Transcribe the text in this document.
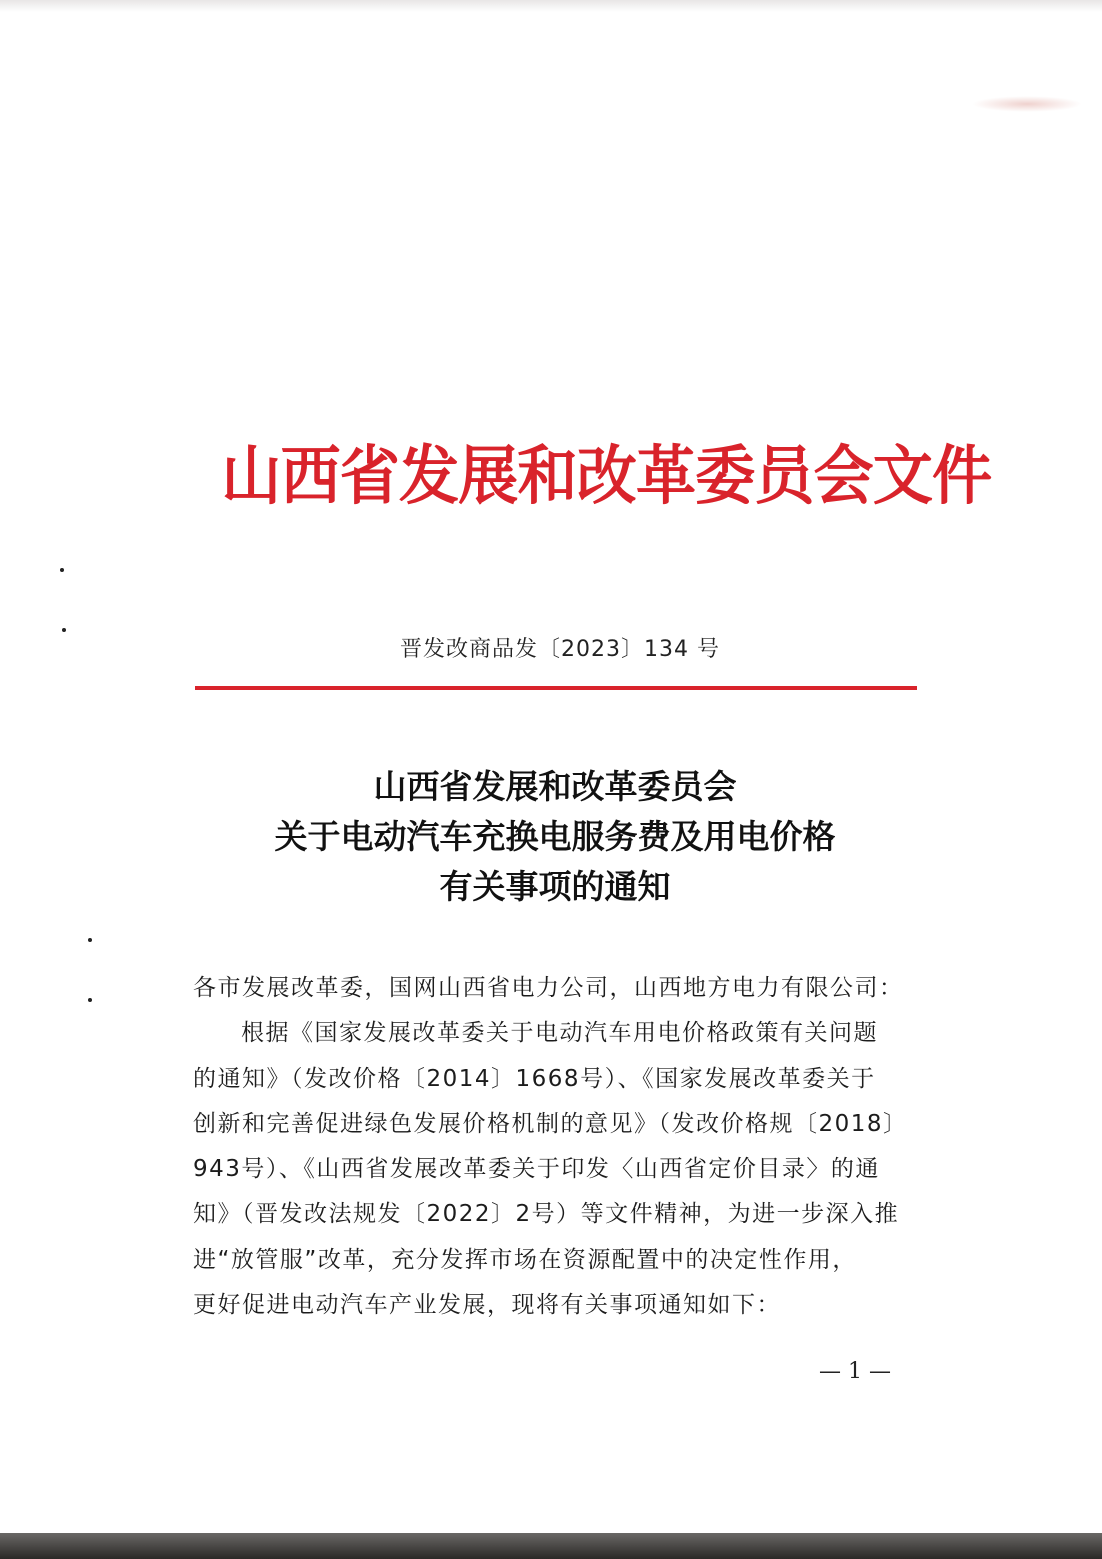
山西省发展和改革委员会文件
晋发改商品发〔2023〕134 号
山西省发展和改革委员会
关于电动汽车充换电服务费及用电价格
有关事项的通知
各市发展改革委，国网山西省电力公司，山西地方电力有限公司：
根据《国家发展改革委关于电动汽车用电价格政策有关问题
的通知》（发改价格〔2014〕1668号）、《国家发展改革委关于
创新和完善促进绿色发展价格机制的意见》（发改价格规〔2018〕
943号）、《山西省发展改革委关于印发〈山西省定价目录〉的通
知》（晋发改法规发〔2022〕2号）等文件精神，为进一步深入推
进“放管服”改革，充分发挥市场在资源配置中的决定性作用，
更好促进电动汽车产业发展，现将有关事项通知如下：
— 1 —
